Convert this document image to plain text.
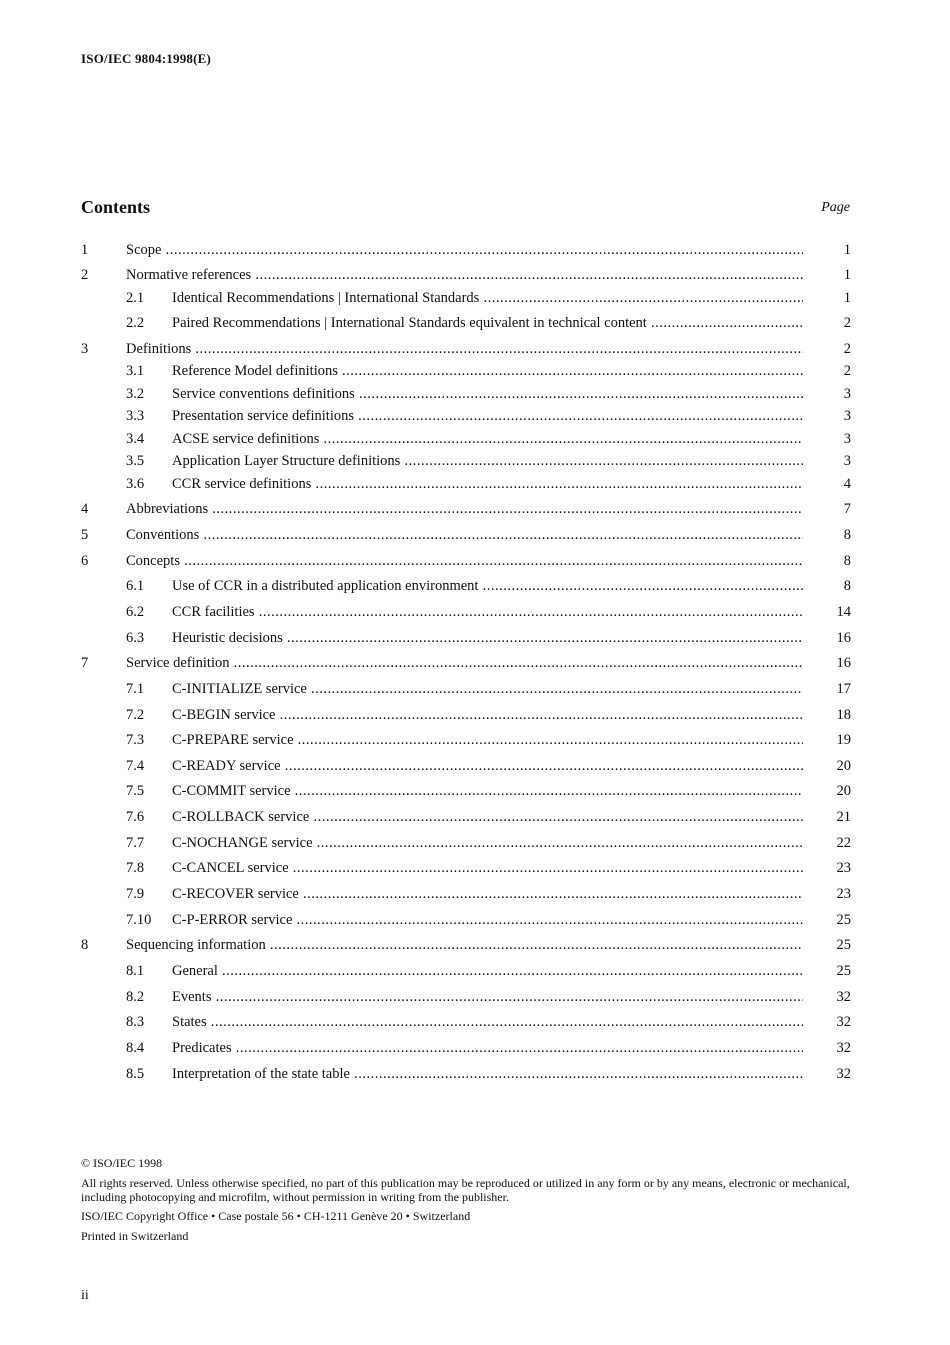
ISO/IEC 9804:1998(E)
Contents	Page
1	Scope .....	1
2	Normative references .....	1
2.1 Identical Recommendations | International Standards .....	1
2.2 Paired Recommendations | International Standards equivalent in technical content .....	2
3	Definitions .....	2
3.1 Reference Model definitions .....	2
3.2 Service conventions definitions .....	3
3.3 Presentation service definitions .....	3
3.4 ACSE service definitions .....	3
3.5 Application Layer Structure definitions .....	3
3.6 CCR service definitions .....	4
4	Abbreviations .....	7
5	Conventions .....	8
6	Concepts .....	8
6.1 Use of CCR in a distributed application environment .....	8
6.2 CCR facilities .....	14
6.3 Heuristic decisions .....	16
7	Service definition .....	16
7.1 C-INITIALIZE service .....	17
7.2 C-BEGIN service .....	18
7.3 C-PREPARE service .....	19
7.4 C-READY service .....	20
7.5 C-COMMIT service .....	20
7.6 C-ROLLBACK service .....	21
7.7 C-NOCHANGE service .....	22
7.8 C-CANCEL service .....	23
7.9 C-RECOVER service .....	23
7.10 C-P-ERROR service .....	25
8	Sequencing information .....	25
8.1 General .....	25
8.2 Events .....	32
8.3 States .....	32
8.4 Predicates .....	32
8.5 Interpretation of the state table .....	32
© ISO/IEC 1998
All rights reserved. Unless otherwise specified, no part of this publication may be reproduced or utilized in any form or by any means, electronic or mechanical, including photocopying and microfilm, without permission in writing from the publisher.
ISO/IEC Copyright Office • Case postale 56 • CH-1211 Genève 20 • Switzerland
Printed in Switzerland
ii
